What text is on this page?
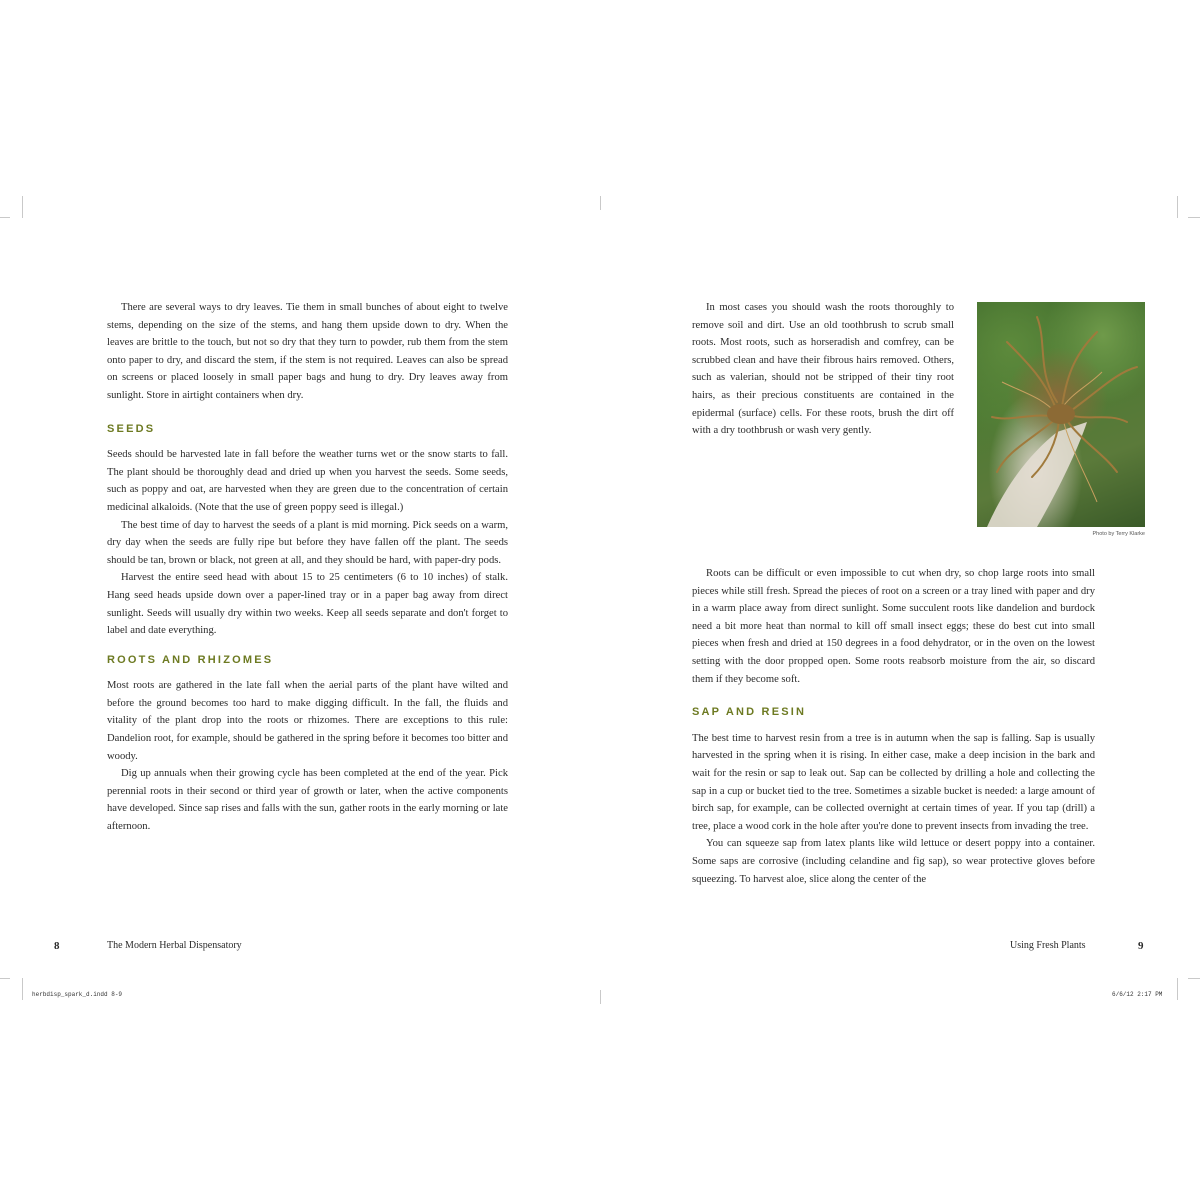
There are several ways to dry leaves. Tie them in small bunches of about eight to twelve stems, depending on the size of the stems, and hang them upside down to dry. When the leaves are brittle to the touch, but not so dry that they turn to powder, rub them from the stem onto paper to dry, and discard the stem, if the stem is not required. Leaves can also be spread on screens or placed loosely in small paper bags and hung to dry. Dry leaves away from sunlight. Store in airtight containers when dry.

SEEDS

Seeds should be harvested late in fall before the weather turns wet or the snow starts to fall. The plant should be thoroughly dead and dried up when you harvest the seeds. Some seeds, such as poppy and oat, are harvested when they are green due to the concentration of certain medicinal alkaloids. (Note that the use of green poppy seed is illegal.)

The best time of day to harvest the seeds of a plant is mid morning. Pick seeds on a warm, dry day when the seeds are fully ripe but before they have fallen off the plant. The seeds should be tan, brown or black, not green at all, and they should be hard, with paper-dry pods.

Harvest the entire seed head with about 15 to 25 centimeters (6 to 10 inches) of stalk. Hang seed heads upside down over a paper-lined tray or in a paper bag away from direct sunlight. Seeds will usually dry within two weeks. Keep all seeds separate and don't forget to label and date everything.

ROOTS AND RHIZOMES

Most roots are gathered in the late fall when the aerial parts of the plant have wilted and before the ground becomes too hard to make digging difficult. In the fall, the fluids and vitality of the plant drop into the roots or rhizomes. There are exceptions to this rule: Dandelion root, for example, should be gathered in the spring before it becomes too bitter and woody.

Dig up annuals when their growing cycle has been completed at the end of the year. Pick perennial roots in their second or third year of growth or later, when the active components have developed. Since sap rises and falls with the sun, gather roots in the early morning or late afternoon.

8	The Modern Herbal Dispensatory
herbdisp_spark_d.indd 8-9

In most cases you should wash the roots thoroughly to remove soil and dirt. Use an old toothbrush to scrub small roots. Most roots, such as horseradish and comfrey, can be scrubbed clean and have their fibrous hairs removed. Others, such as valerian, should not be stripped of their tiny root hairs, as their precious constituents are contained in the epidermal (surface) cells. For these roots, brush the dirt off with a dry toothbrush or wash very gently.

Roots can be difficult or even impossible to cut when dry, so chop large roots into small pieces while still fresh. Spread the pieces of root on a screen or a tray lined with paper and dry in a warm place away from direct sunlight. Some succulent roots like dandelion and burdock need a bit more heat than normal to kill off small insect eggs; these do best cut into small pieces when fresh and dried at 150 degrees in a food dehydrator, or in the oven on the lowest setting with the door propped open. Some roots reabsorb moisture from the air, so discard them if they become soft.

SAP AND RESIN

The best time to harvest resin from a tree is in autumn when the sap is falling. Sap is usually harvested in the spring when it is rising. In either case, make a deep incision in the bark and wait for the resin or sap to leak out. Sap can be collected by drilling a hole and collecting the sap in a cup or bucket tied to the tree. Sometimes a sizable bucket is needed: a large amount of birch sap, for example, can be collected overnight at certain times of year. If you tap (drill) a tree, place a wood cork in the hole after you're done to prevent insects from invading the tree.

You can squeeze sap from latex plants like wild lettuce or desert poppy into a container. Some saps are corrosive (including celandine and fig sap), so wear protective gloves before squeezing. To harvest aloe, slice along the center of the

Photo by Terry Klarke
Using Fresh Plants	9
6/6/12 2:17 PM
